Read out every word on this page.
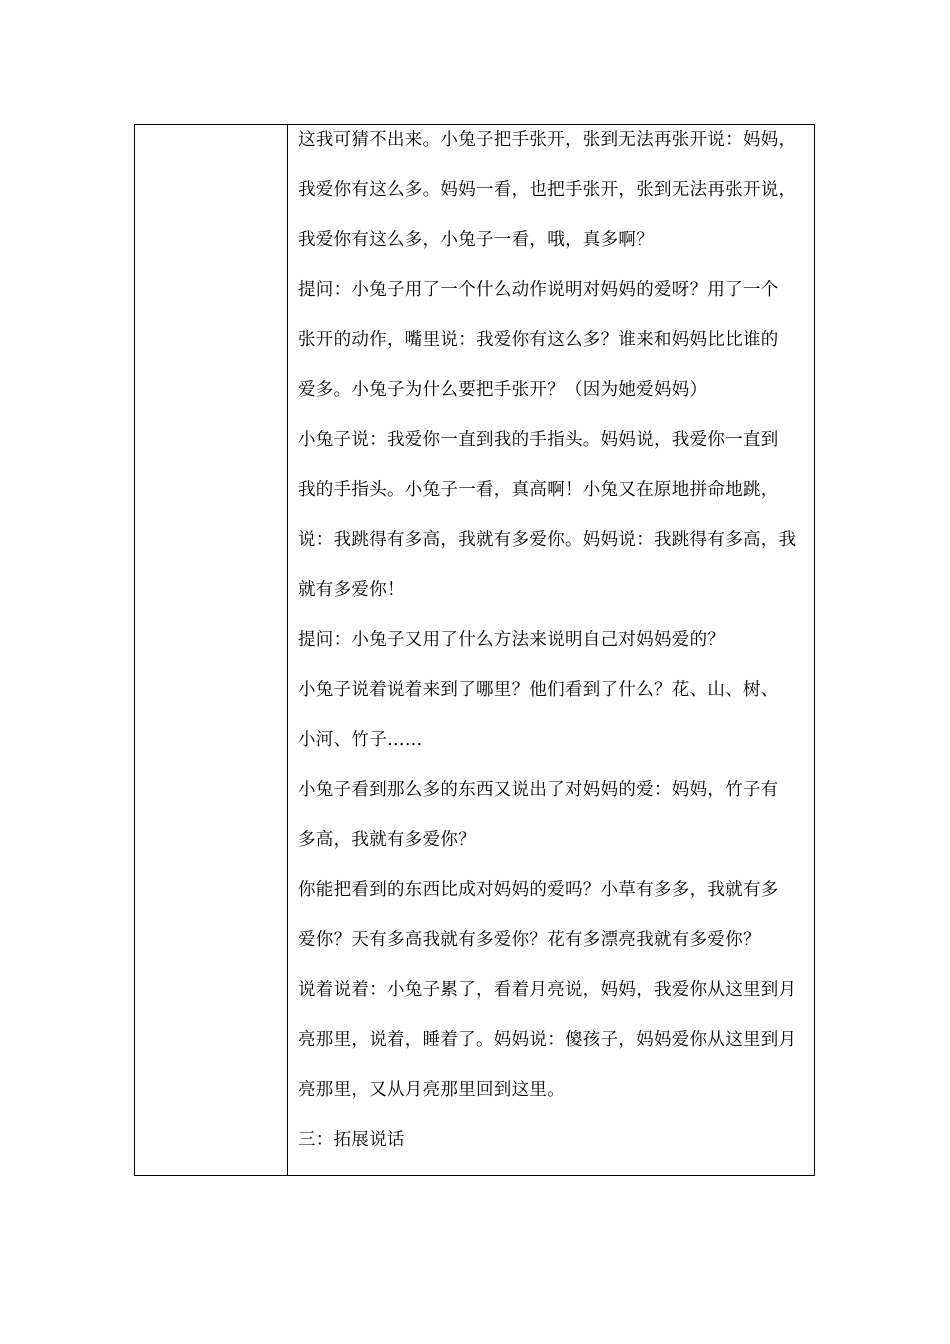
这我可猜不出来。小兔子把手张开，张到无法再张开说：妈妈，

我爱你有这么多。妈妈一看，也把手张开，张到无法再张开说，

我爱你有这么多，小兔子一看，哦，真多啊？

提问：小兔子用了一个什么动作说明对妈妈的爱呀？用了一个

张开的动作，嘴里说：我爱你有这么多？谁来和妈妈比比谁的

爱多。小兔子为什么要把手张开？（因为她爱妈妈）

小兔子说：我爱你一直到我的手指头。妈妈说，我爱你一直到

我的手指头。小兔子一看，真高啊！小兔又在原地拼命地跳，

说：我跳得有多高，我就有多爱你。妈妈说：我跳得有多高，我

就有多爱你！

提问：小兔子又用了什么方法来说明自己对妈妈爱的？

小兔子说着说着来到了哪里？他们看到了什么？花、山、树、

小河、竹子……

小兔子看到那么多的东西又说出了对妈妈的爱：妈妈，竹子有

多高，我就有多爱你？

你能把看到的东西比成对妈妈的爱吗？小草有多多，我就有多

爱你？天有多高我就有多爱你？花有多漂亮我就有多爱你？

说着说着：小兔子累了，看着月亮说，妈妈，我爱你从这里到月

亮那里，说着，睡着了。妈妈说：傻孩子，妈妈爱你从这里到月

亮那里，又从月亮那里回到这里。

三：拓展说话
